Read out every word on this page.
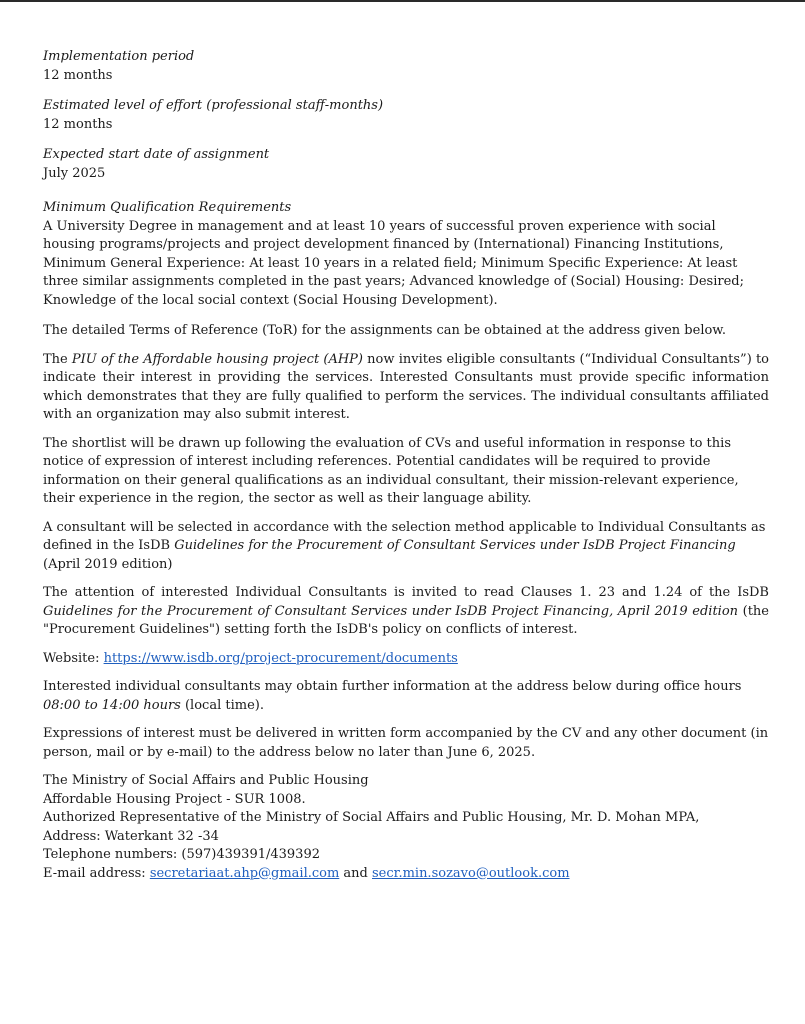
Implementation period

12 months

Estimated level of effort (professional staff-months)

12 months

Expected start date of assignment

July 2025

Minimum Qualification Requirements

A University Degree in management and at least 10 years of successful proven experience with social housing programs/projects and project development financed by (International) Financing Institutions, Minimum General Experience: At least 10 years in a related field; Minimum Specific Experience: At least three similar assignments completed in the past years; Advanced knowledge of (Social) Housing: Desired; Knowledge of the local social context (Social Housing Development).

The detailed Terms of Reference (ToR) for the assignments can be obtained at the address given below.

The PIU of the Affordable housing project (AHP) now invites eligible consultants (“Individual Consultants”) to indicate their interest in providing the services. Interested Consultants must provide specific information which demonstrates that they are fully qualified to perform the services. The individual consultants affiliated with an organization may also submit interest.

The shortlist will be drawn up following the evaluation of CVs and useful information in response to this notice of expression of interest including references. Potential candidates will be required to provide information on their general qualifications as an individual consultant, their mission-relevant experience, their experience in the region, the sector as well as their language ability.

A consultant will be selected in accordance with the selection method applicable to Individual Consultants as defined in the IsDB Guidelines for the Procurement of Consultant Services under IsDB Project Financing (April 2019 edition)

The attention of interested Individual Consultants is invited to read Clauses 1. 23 and 1.24 of the IsDB Guidelines for the Procurement of Consultant Services under IsDB Project Financing, April 2019 edition (the "Procurement Guidelines") setting forth the IsDB's policy on conflicts of interest.

Website: https://www.isdb.org/project-procurement/documents

Interested individual consultants may obtain further information at the address below during office hours 08:00 to 14:00 hours (local time).

Expressions of interest must be delivered in written form accompanied by the CV and any other document (in person, mail or by e-mail) to the address below no later than June 6, 2025.

The Ministry of Social Affairs and Public Housing

Affordable Housing Project - SUR 1008.

Authorized Representative of the Ministry of Social Affairs and Public Housing, Mr. D. Mohan MPA,

Address: Waterkant 32 -34

Telephone numbers: (597)439391/439392

E-mail address: secretariaat.ahp@gmail.com and secr.min.sozavo@outlook.com
